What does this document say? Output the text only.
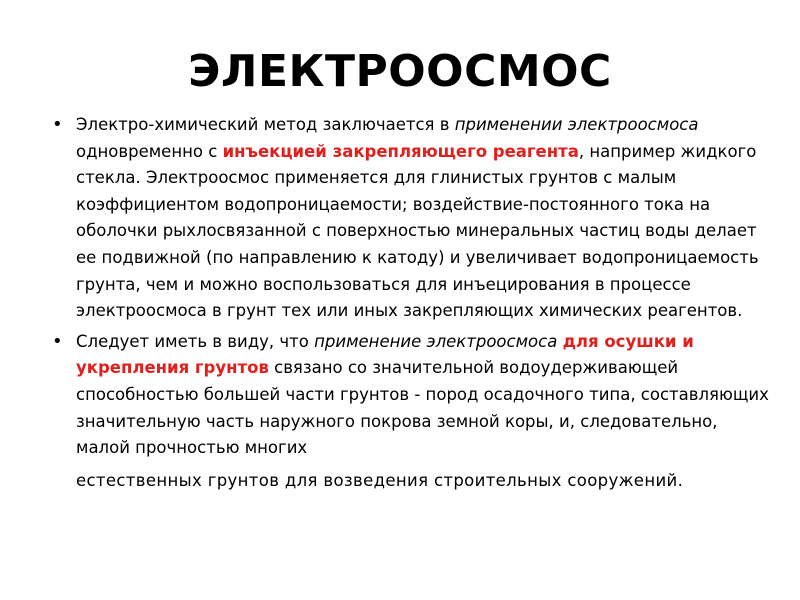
ЭЛЕКТРООСМОС
• Электро-химический метод заключается в применении электроосмоса одновременно с инъекцией закрепляющего реагента, например жидкого стекла. Электроосмос применяется для глинистых грунтов с малым коэффициентом водопроницаемости; воздействие-постоянного тока на оболочки рыхлосвязанной с поверхностью минеральных частиц воды делает ее подвижной (по направлению к катоду) и увеличивает водопроницаемость грунта, чем и можно воспользоваться для инъецирования в процессе электроосмоса в грунт тех или иных закрепляющих химических реагентов.
• Следует иметь в виду, что применение электроосмоса для осушки и укрепления грунтов связано со значительной водоудерживающей способностью большей части грунтов - пород осадочного типа, составляющих значительную часть наружного покрова земной коры, и, следовательно, малой прочностью многих
естественных грунтов для возведения строительных сооружений.
